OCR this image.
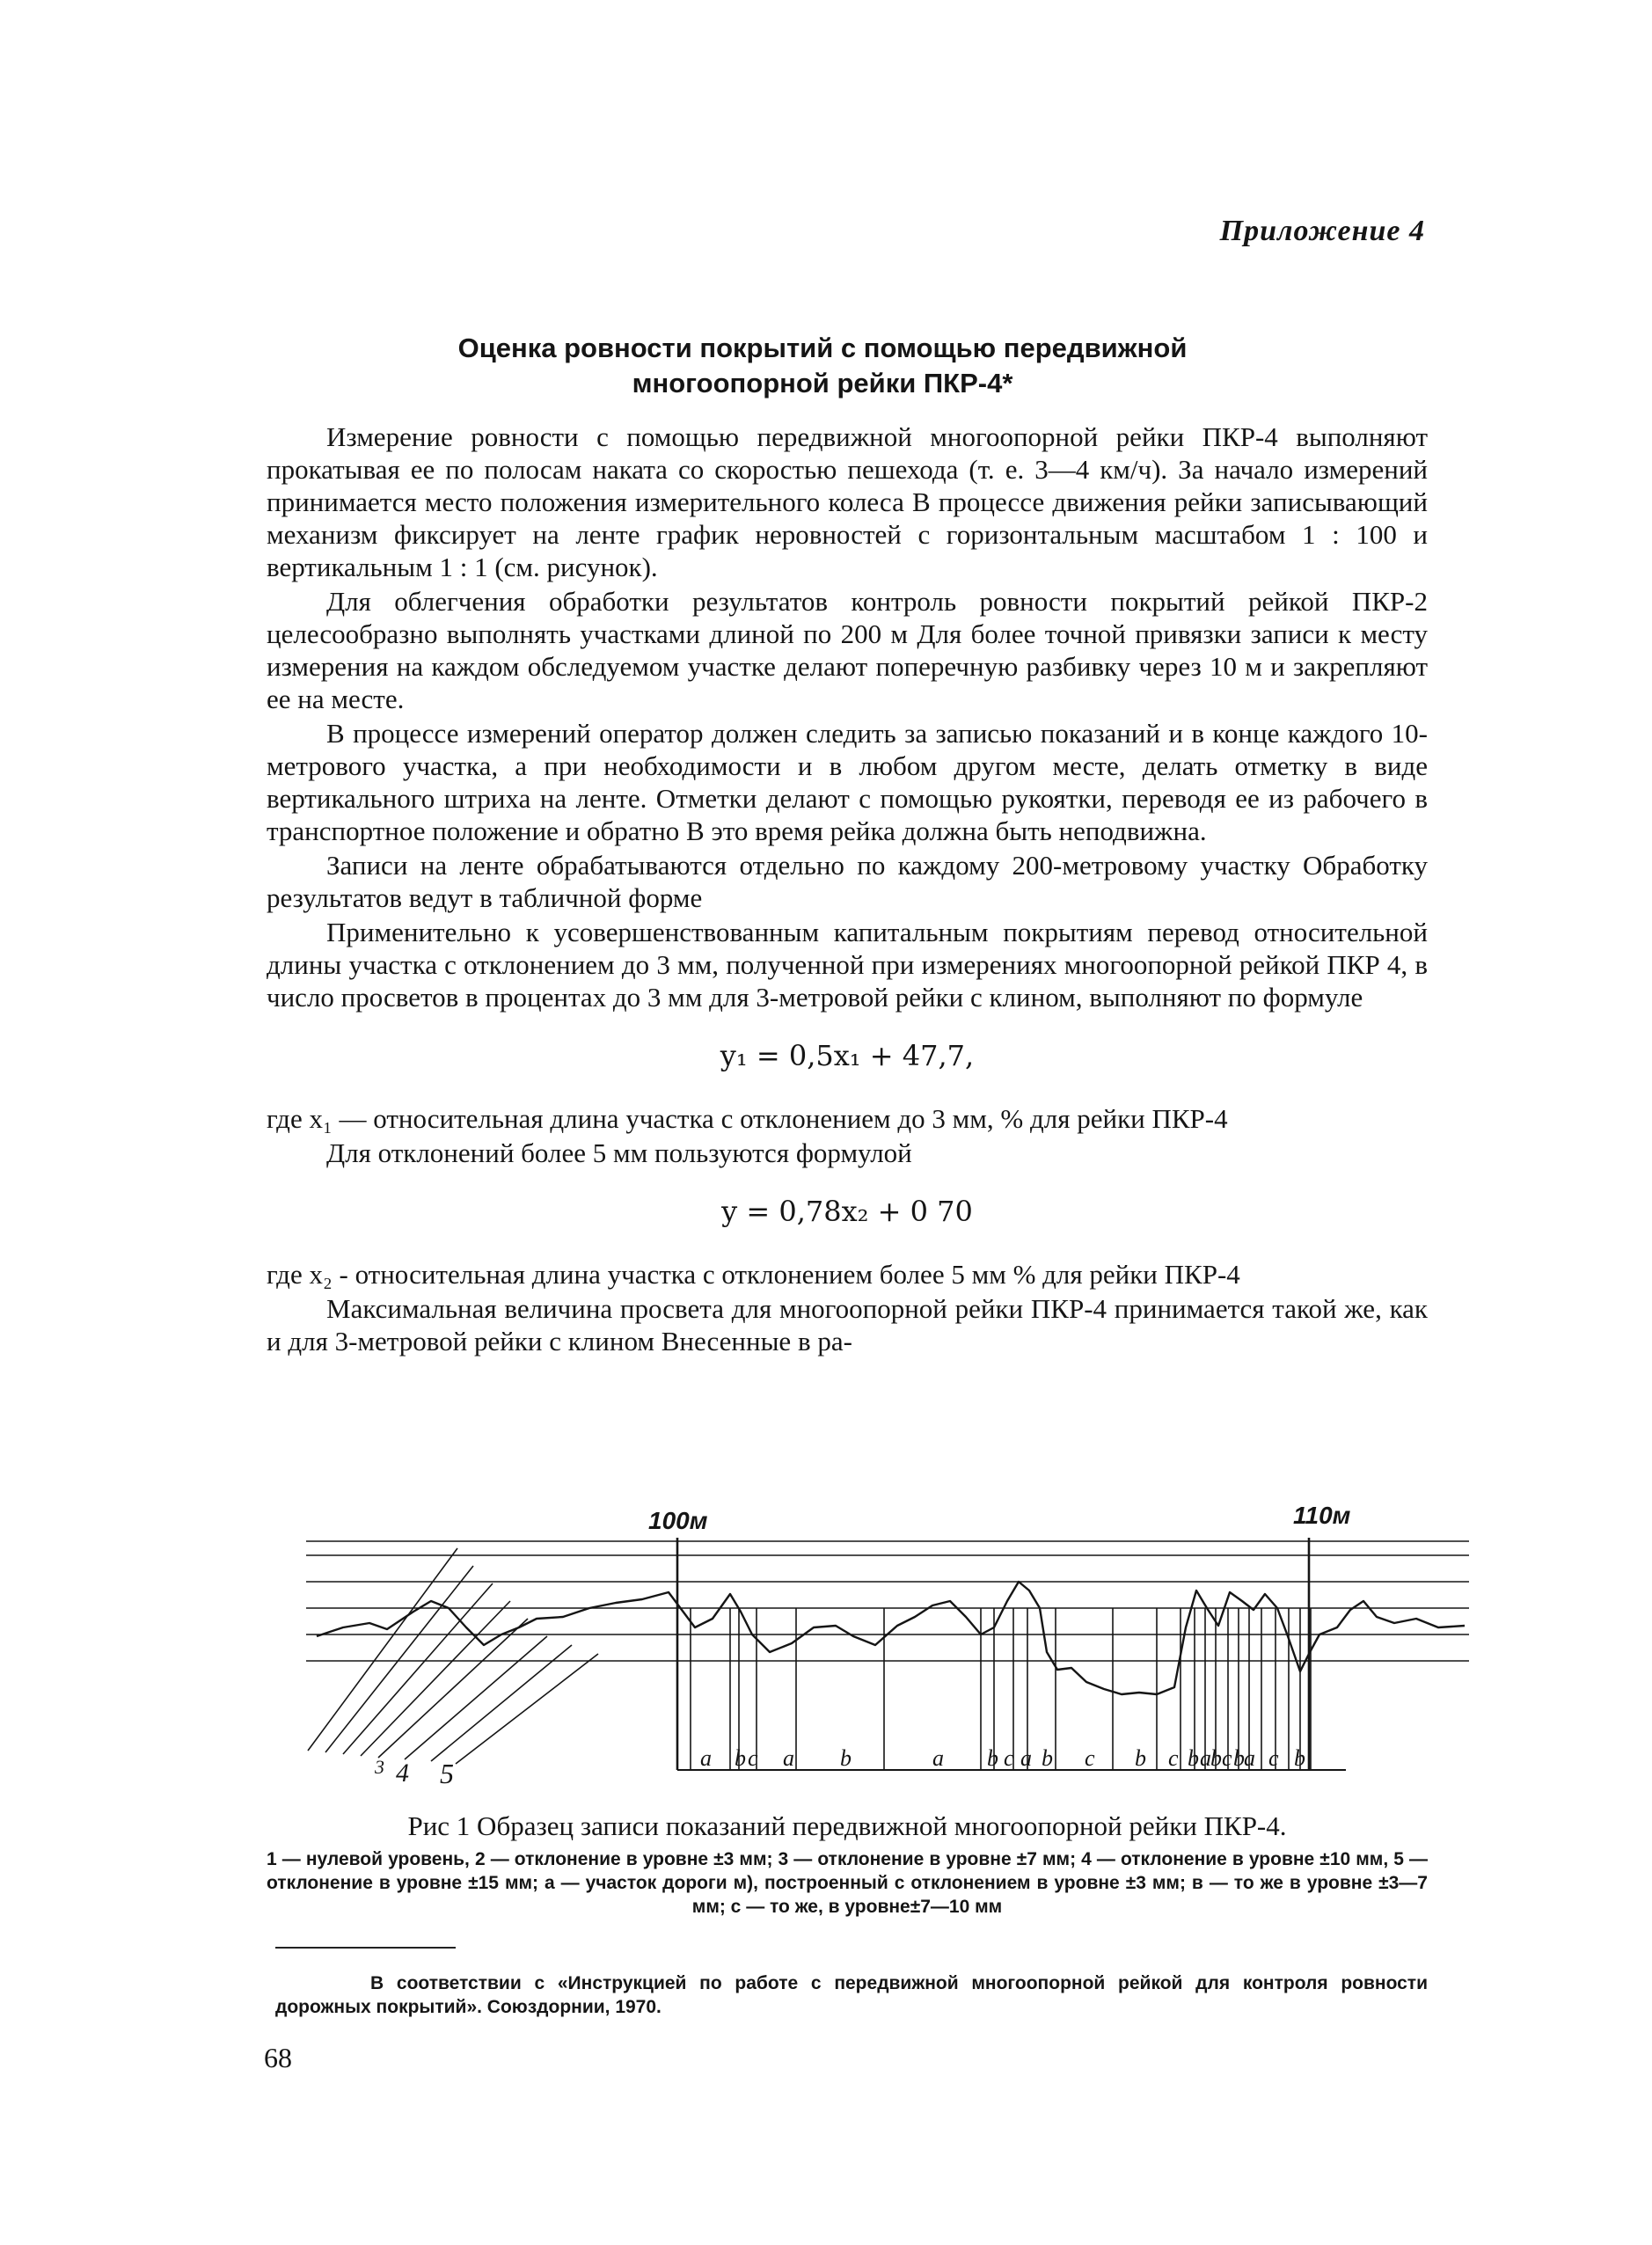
Приложение 4
Оценка ровности покрытий с помощью передвижной
многоопорной рейки ПКР-4*

Измерение ровности с помощью передвижной многоопорной рейки ПКР-4 выполняют прокатывая ее по полосам наката со скоростью пешехода (т. е. 3—4 км/ч). За начало измерений принимается место положения измерительного колеса В процессе движения рейки записывающий механизм фиксирует на ленте график неровностей с горизонтальным масштабом 1 : 100 и вертикальным 1 : 1 (см. рисунок).

Для облегчения обработки результатов контроль ровности покрытий рейкой ПКР-2 целесообразно выполнять участками длиной по 200 м Для более точной привязки записи к месту измерения на каждом обследуемом участке делают поперечную разбивку через 10 м и закрепляют ее на месте.

В процессе измерений оператор должен следить за записью показаний и в конце каждого 10-метрового участка, а при необходимости и в любом другом месте, делать отметку в виде вертикального штриха на ленте. Отметки делают с помощью рукоятки, переводя ее из рабочего в транспортное положение и обратно В это время рейка должна быть неподвижна.

Записи на ленте обрабатываются отдельно по каждому 200-метровому участку Обработку результатов ведут в табличной форме

Применительно к усовершенствованным капитальным покрытиям перевод относительной длины участка с отклонением до 3 мм, полученной при измерениях многоопорной рейкой ПКР 4, в число просветов в процентах до 3 мм для 3-метровой рейки с клином, выполняют по формуле

y₁ = 0,5x₁ + 47,7,

где x₁ — относительная длина участка с отклонением до 3 мм, % для рейки ПКР-4

Для отклонений более 5 мм пользуются формулой

y = 0,78x₂ + 0 70

где x₂ - относительная длина участка с отклонением более 5 мм % для рейки ПКР-4

Максимальная величина просвета для многоопорной рейки ПКР-4 принимается такой же, как и для 3-метровой рейки с клином Внесенные в ра-

100м	110м
a b c a b	a b c a b c b c b a b c b a c b
3 4 5
Рис 1 Образец записи показаний передвижной многоопорной рейки ПКР-4.
1 — нулевой уровень, 2 — отклонение в уровне ±3 мм; 3 — отклонение в уровне ±7 мм; 4 — отклонение в уровне ±10 мм, 5 — отклонение в уровне ±15 мм; а — участок дороги м), построенный с отклонением в уровне ±3 мм; в — то же в уровне ±3—7 мм; с — то же, в уровне±7—10 мм
В соответствии с «Инструкцией по работе с передвижной многоопорной рейкой для контроля ровности дорожных покрытий». Союздорнии, 1970.
68
